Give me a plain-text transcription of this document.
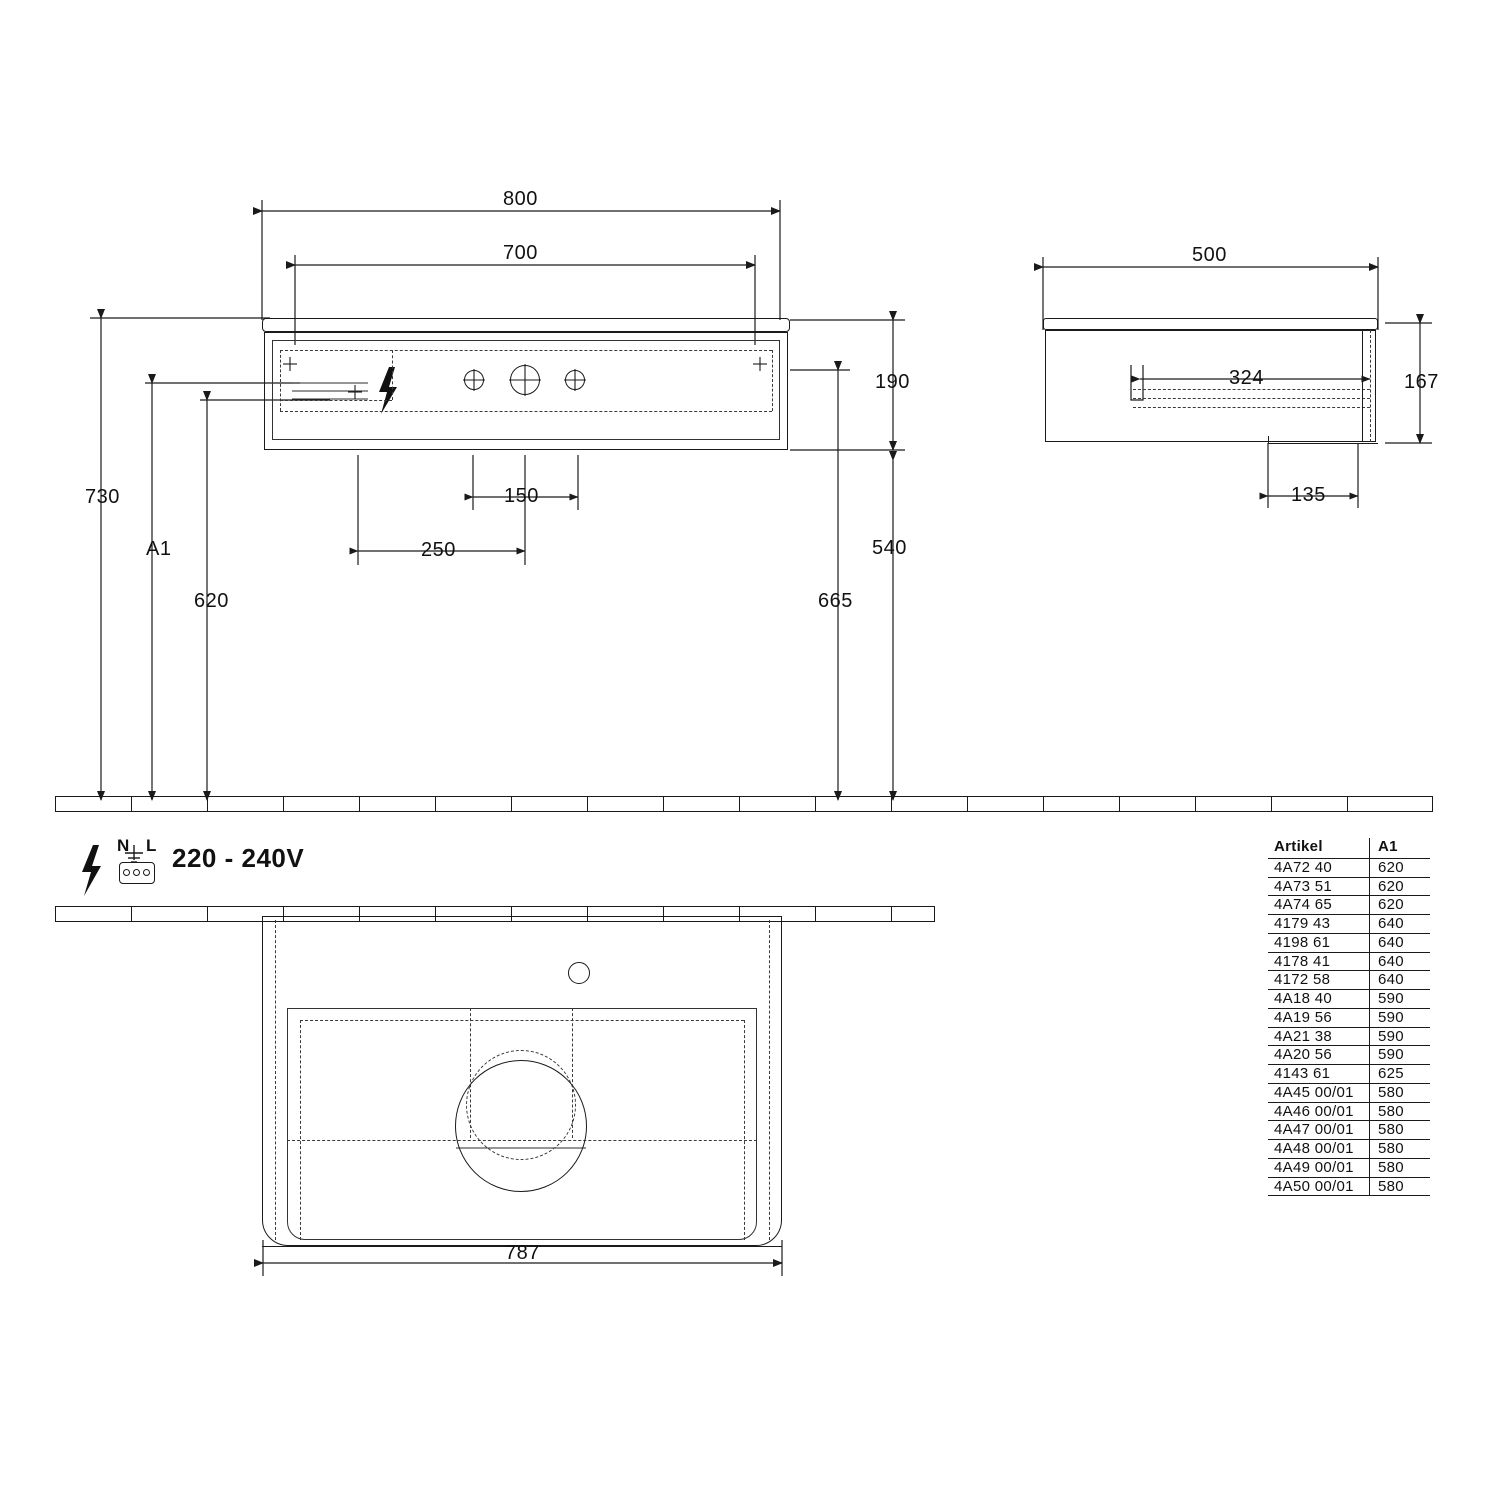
N L 220 - 240V
800
700
190
730
A1
620
540
665
150
250
500
167
324
135
787
Artikel	A1
4A72 40	620
4A73 51	620
4A74 65	620
4179 43	640
4198 61	640
4178 41	640
4172 58	640
4A18 40	590
4A19 56	590
4A21 38	590
4A20 56	590
4143 61	625
4A45 00/01	580
4A46 00/01	580
4A47 00/01	580
4A48 00/01	580
4A49 00/01	580
4A50 00/01	580
